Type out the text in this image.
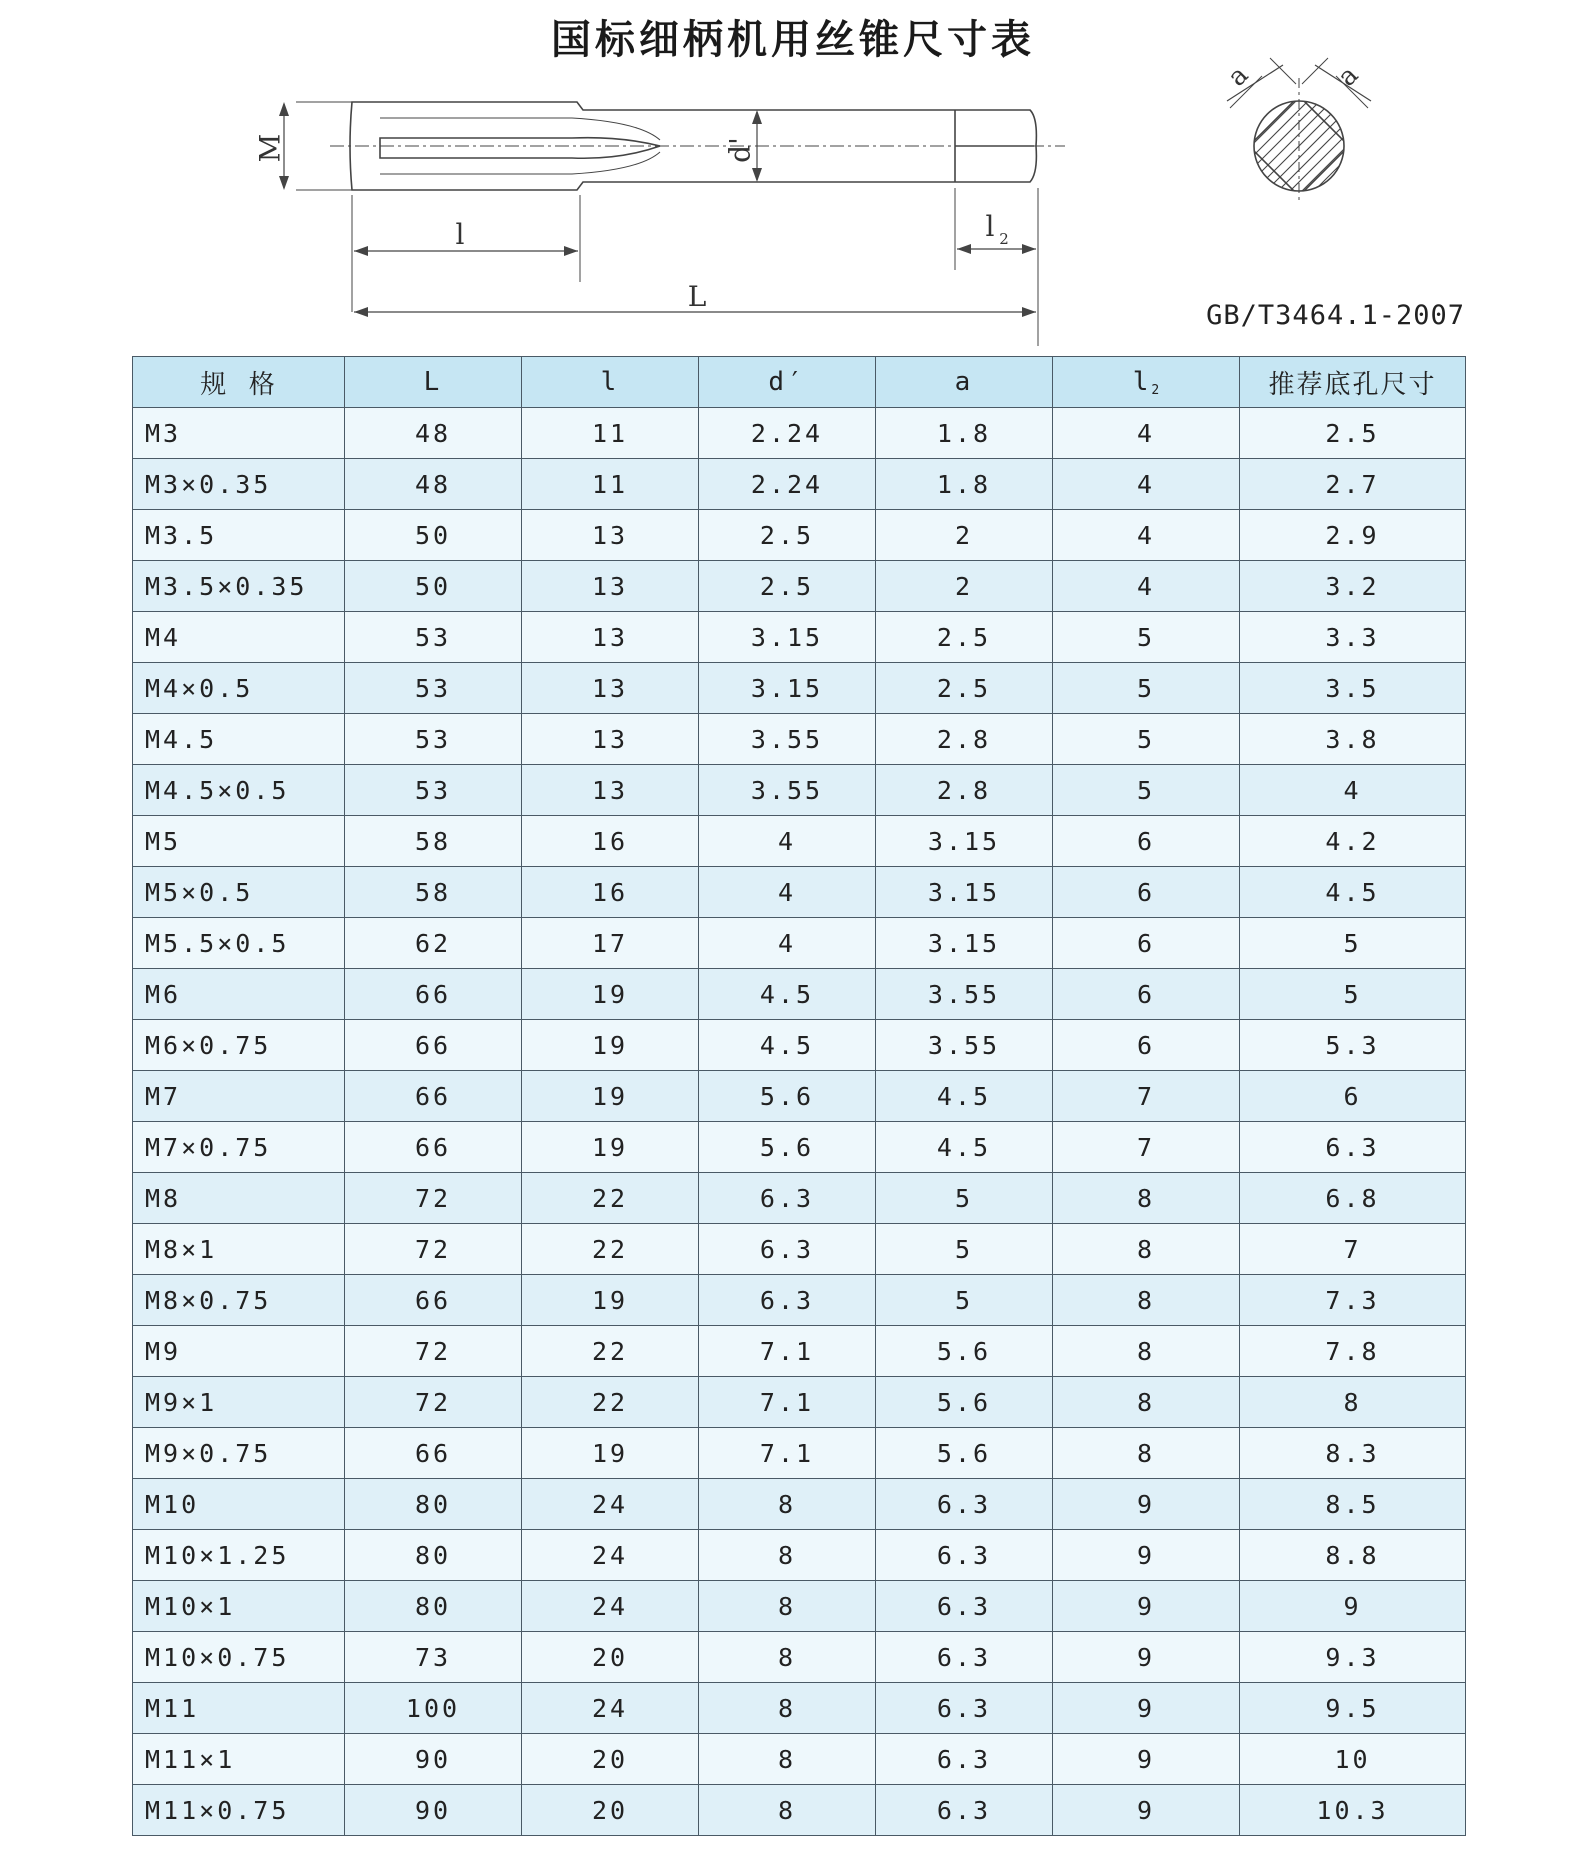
国标细柄机用丝锥尺寸表
M	d'
l
L
l 2
a	a
GB/T3464.1-2007
规  格	L	l	d′	a	$l_2$	推荐底孔尺寸
M3	48	11	2.24	1.8	4	2.5
M3×0.35	48	11	2.24	1.8	4	2.7
M3.5	50	13	2.5	2	4	2.9
M3.5×0.35	50	13	2.5	2	4	3.2
M4	53	13	3.15	2.5	5	3.3
M4×0.5	53	13	3.15	2.5	5	3.5
M4.5	53	13	3.55	2.8	5	3.8
M4.5×0.5	53	13	3.55	2.8	5	4
M5	58	16	4	3.15	6	4.2
M5×0.5	58	16	4	3.15	6	4.5
M5.5×0.5	62	17	4	3.15	6	5
M6	66	19	4.5	3.55	6	5
M6×0.75	66	19	4.5	3.55	6	5.3
M7	66	19	5.6	4.5	7	6
M7×0.75	66	19	5.6	4.5	7	6.3
M8	72	22	6.3	5	8	6.8
M8×1	72	22	6.3	5	8	7
M8×0.75	66	19	6.3	5	8	7.3
M9	72	22	7.1	5.6	8	7.8
M9×1	72	22	7.1	5.6	8	8
M9×0.75	66	19	7.1	5.6	8	8.3
M10	80	24	8	6.3	9	8.5
M10×1.25	80	24	8	6.3	9	8.8
M10×1	80	24	8	6.3	9	9
M10×0.75	73	20	8	6.3	9	9.3
M11	100	24	8	6.3	9	9.5
M11×1	90	20	8	6.3	9	10
M11×0.75	90	20	8	6.3	9	10.3
